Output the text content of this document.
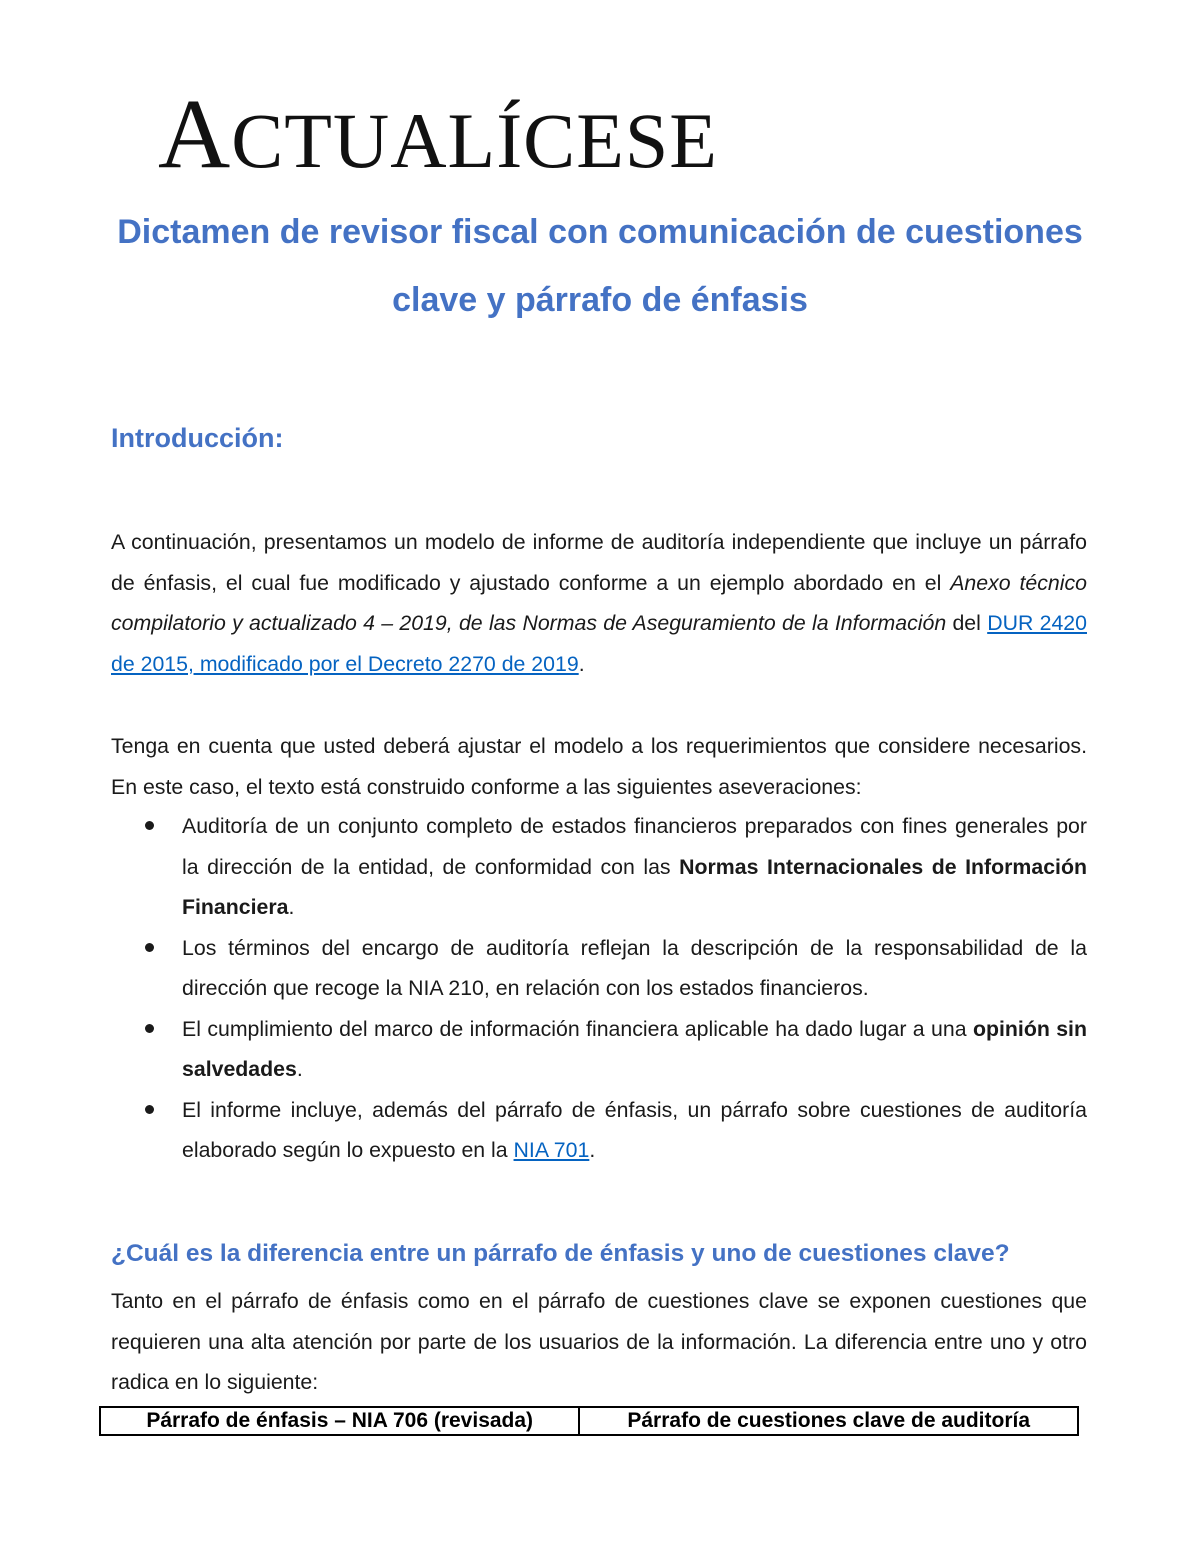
ACTUALÍCESE
Dictamen de revisor fiscal con comunicación de cuestiones clave y párrafo de énfasis
Introducción:

A continuación, presentamos un modelo de informe de auditoría independiente que incluye un párrafo de énfasis, el cual fue modificado y ajustado conforme a un ejemplo abordado en el Anexo técnico compilatorio y actualizado 4 – 2019, de las Normas de Aseguramiento de la Información del DUR 2420 de 2015, modificado por el Decreto 2270 de 2019.

Tenga en cuenta que usted deberá ajustar el modelo a los requerimientos que considere necesarios. En este caso, el texto está construido conforme a las siguientes aseveraciones:

Auditoría de un conjunto completo de estados financieros preparados con fines generales por la dirección de la entidad, de conformidad con las Normas Internacionales de Información Financiera.
Los términos del encargo de auditoría reflejan la descripción de la responsabilidad de la dirección que recoge la NIA 210, en relación con los estados financieros.
El cumplimiento del marco de información financiera aplicable ha dado lugar a una opinión sin salvedades.
El informe incluye, además del párrafo de énfasis, un párrafo sobre cuestiones de auditoría elaborado según lo expuesto en la NIA 701.
¿Cuál es la diferencia entre un párrafo de énfasis y uno de cuestiones clave?

Tanto en el párrafo de énfasis como en el párrafo de cuestiones clave se exponen cuestiones que requieren una alta atención por parte de los usuarios de la información. La diferencia entre uno y otro radica en lo siguiente:

Párrafo de énfasis – NIA 706 (revisada)	Párrafo de cuestiones clave de auditoría
